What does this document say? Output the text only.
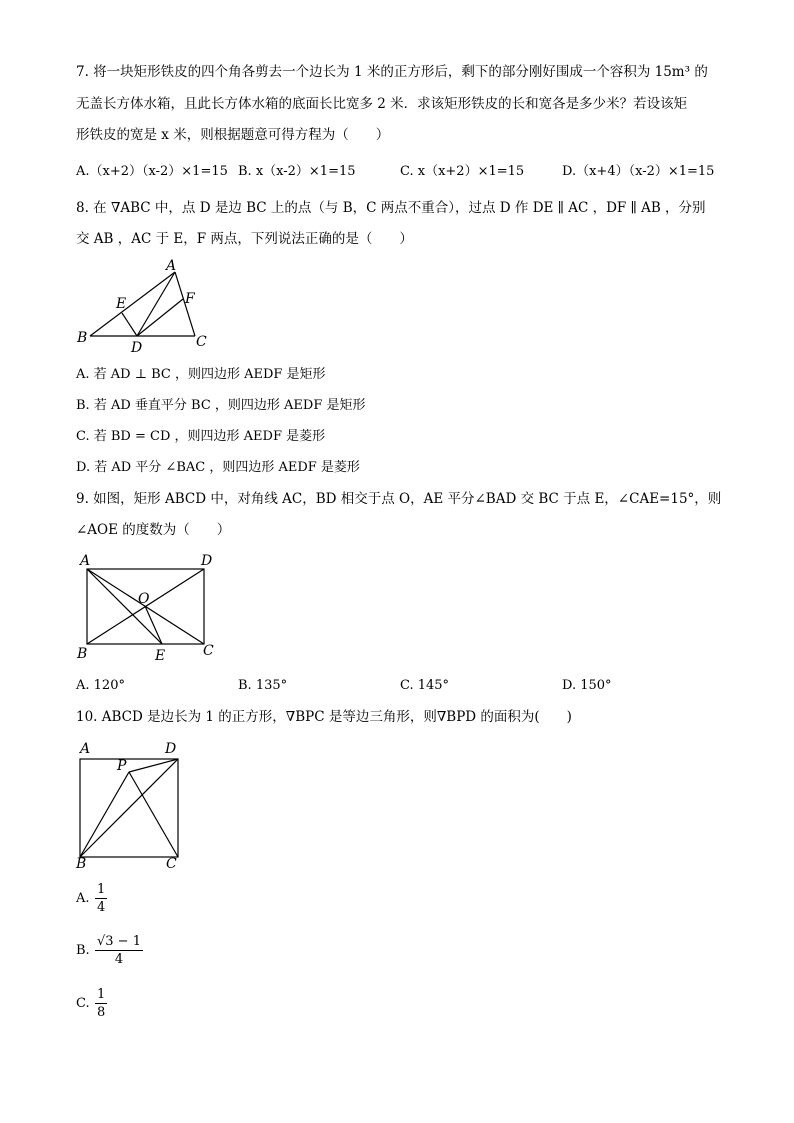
7. 将一块矩形铁皮的四个角各剪去一个边长为 1 米的正方形后，剩下的部分刚好围成一个容积为 15m³ 的
无盖长方体水箱，且此长方体水箱的底面长比宽多 2 米．求该矩形铁皮的长和宽各是多少米？若设该矩
形铁皮的宽是 x 米，则根据题意可得方程为（　　）
A.（x+2）（x-2）×1=15 B. x（x-2）×1=15	C. x（x+2）×1=15	D.（x+4）（x-2）×1=15
8. 在 ∇ABC 中，点 D 是边 BC 上的点（与 B，C 两点不重合），过点 D 作 DE ∥ AC ，DF ∥ AB ，分别
交 AB ，AC 于 E，F 两点，下列说法正确的是（　　）
A
E	F
B
D	C
A. 若 AD ⊥ BC ，则四边形 AEDF 是矩形
B. 若 AD 垂直平分 BC ，则四边形 AEDF 是矩形
C. 若 BD = CD ，则四边形 AEDF 是菱形
D. 若 AD 平分 ∠BAC ，则四边形 AEDF 是菱形
9. 如图，矩形 ABCD 中，对角线 AC，BD 相交于点 O，AE 平分∠BAD 交 BC 于点 E，∠CAE=15°，则
∠AOE 的度数为（　　）
A	D
O
B	E	C
A. 120°	B. 135°	C. 145°	D. 150°
10. ABCD 是边长为 1 的正方形，∇BPC 是等边三角形，则∇BPD 的面积为(　　)
A	D
P
B	C
A. $\frac{1}{4}$
B. $\frac{√3 - 1}{4}$
C. $\frac{1}{8}$
